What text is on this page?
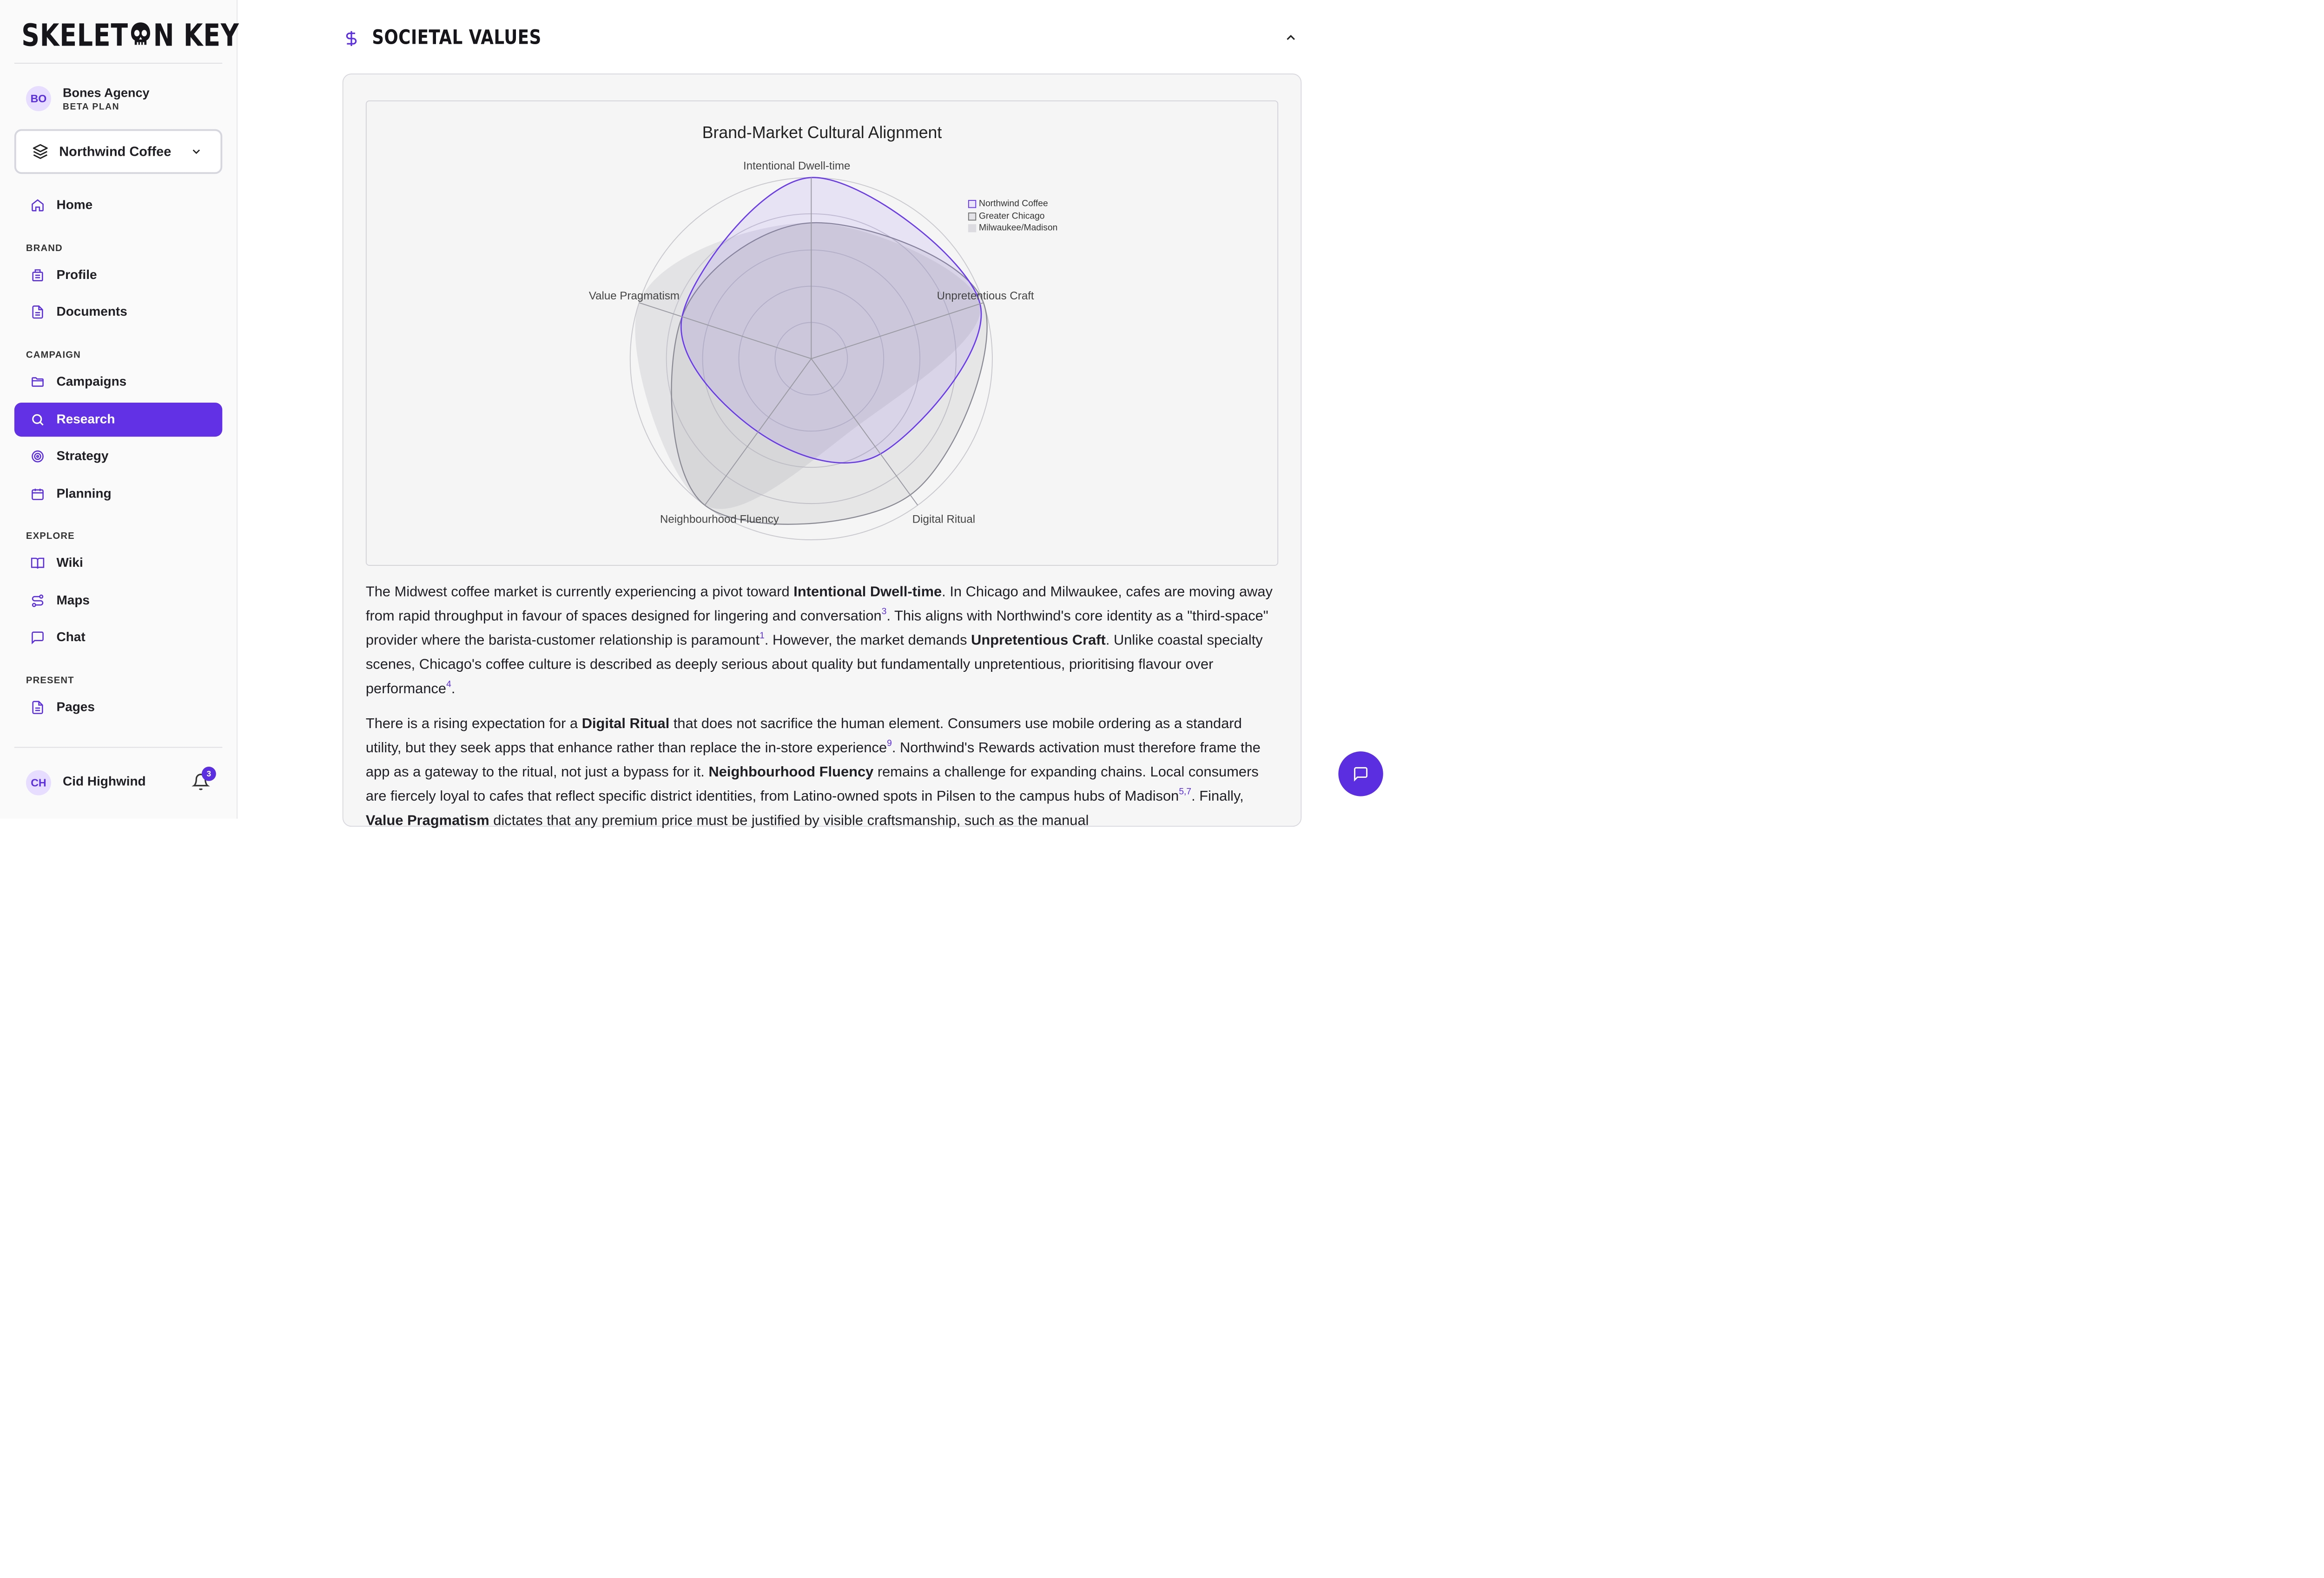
SKELET N KEY
BO	Bones Agency
BETA PLAN
Northwind Coffee
Home
BRAND
Profile
Documents
CAMPAIGN
Campaigns
Research
Strategy
Planning
EXPLORE
Wiki
Maps
Chat
PRESENT
Pages
CH	Cid Highwind
3
SOCIETAL VALUES
Brand-Market Cultural Alignment
Intentional Dwell-time
Unpretentious Craft
Digital Ritual
Neighbourhood Fluency
Value Pragmatism
Northwind Coffee
Greater Chicago
Milwaukee/Madison

The Midwest coffee market is currently experiencing a pivot toward Intentional Dwell-time. In Chicago and Milwaukee, cafes are moving away from rapid throughput in favour of spaces designed for lingering and conversation$^3$. This aligns with Northwind's core identity as a "third-space" provider where the barista-customer relationship is paramount$^1$. However, the market demands Unpretentious Craft. Unlike coastal specialty scenes, Chicago's coffee culture is described as deeply serious about quality but fundamentally unpretentious, prioritising flavour over performance$^4$.

There is a rising expectation for a Digital Ritual that does not sacrifice the human element. Consumers use mobile ordering as a standard utility, but they seek apps that enhance rather than replace the in-store experience$^9$. Northwind's Rewards activation must therefore frame the app as a gateway to the ritual, not just a bypass for it. Neighbourhood Fluency remains a challenge for expanding chains. Local consumers are fiercely loyal to cafes that reflect specific district identities, from Latino-owned spots in Pilsen to the campus hubs of Madison$^{5,7}$. Finally, Value Pragmatism dictates that any premium price must be justified by visible craftsmanship, such as the manual
